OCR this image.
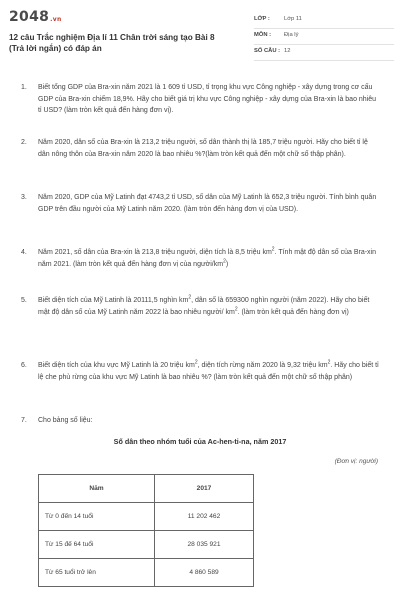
2048.vn
12 câu Trắc nghiệm Địa lí 11 Chân trời sáng tạo Bài 8 (Trả lời ngắn) có đáp án
LỚP : Lớp 11
MÔN : Địa lý
SỐ CÂU : 12
1. Biết tổng GDP của Bra-xin năm 2021 là 1 609 tỉ USD, tỉ trọng khu vực Công nghiệp - xây dựng trong cơ cấu GDP của Bra-xin chiếm 18,9%. Hãy cho biết giá trị khu vực Công nghiệp - xây dựng của Bra-xin là bao nhiêu tỉ USD? (làm tròn kết quả đến hàng đơn vị).
2. Năm 2020, dân số của Bra-xin là 213,2 triệu người, số dân thành thị là 185,7 triệu người. Hãy cho biết tỉ lệ dân nông thôn của Bra-xin năm 2020 là bao nhiêu %?(làm tròn kết quả đến một chữ số thập phân).
3. Năm 2020, GDP của Mỹ Latinh đạt 4743,2 tỉ USD, số dân của Mỹ Latinh là 652,3 triệu người. Tính bình quân GDP trên đầu người của Mỹ Latinh năm 2020. (làm tròn đến hàng đơn vị của USD).
4. Năm 2021, số dân của Bra-xin là 213,8 triệu người, diện tích là 8,5 triệu $km^2$. Tính mật độ dân số của Bra-xin năm 2021. (làm tròn kết quả đến hàng đơn vị của người/$km^2$)
5. Biết diện tích của Mỹ Latinh là 20111,5 nghìn $km^2$, dân số là 659300 nghìn người (năm 2022). Hãy cho biết mật độ dân số của Mỹ Latinh năm 2022 là bao nhiêu người/ $km^2$. (làm tròn kết quả đến hàng đơn vị)
6. Biết diện tích của khu vực Mỹ Latinh là 20 triệu $km^2$, diện tích rừng năm 2020 là 9,32 triệu $km^2$. Hãy cho biết tỉ lệ che phủ rừng của khu vực Mỹ Latinh là bao nhiêu %? (làm tròn kết quả đến một chữ số thập phân)
7. Cho bảng số liệu:
Số dân theo nhóm tuổi của Ac-hen-ti-na, năm 2017
(Đơn vị: người)
Năm	2017
Từ 0 đến 14 tuổi	11 202 462
Từ 15 đế 64 tuổi	28 035 921
Từ 65 tuổi trở lên	4 860 589
